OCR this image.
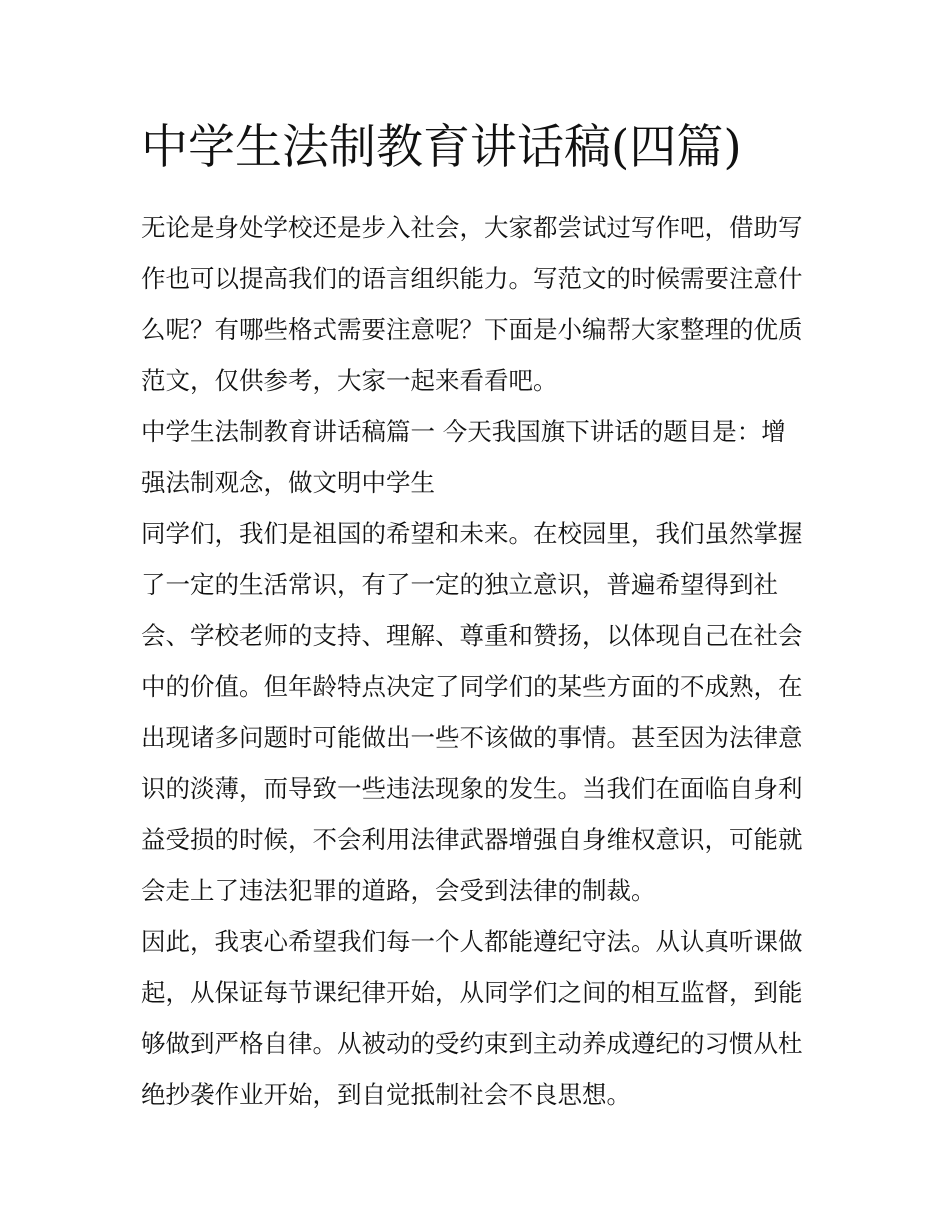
中学生法制教育讲话稿(四篇)

无论是身处学校还是步入社会，大家都尝试过写作吧，借助写
作也可以提高我们的语言组织能力。写范文的时候需要注意什
么呢？有哪些格式需要注意呢？下面是小编帮大家整理的优质
范文，仅供参考，大家一起来看看吧。

中学生法制教育讲话稿篇一 今天我国旗下讲话的题目是：增
强法制观念，做文明中学生

同学们，我们是祖国的希望和未来。在校园里，我们虽然掌握
了一定的生活常识，有了一定的独立意识，普遍希望得到社
会、学校老师的支持、理解、尊重和赞扬，以体现自己在社会
中的价值。但年龄特点决定了同学们的某些方面的不成熟，在
出现诸多问题时可能做出一些不该做的事情。甚至因为法律意
识的淡薄，而导致一些违法现象的发生。当我们在面临自身利
益受损的时候，不会利用法律武器增强自身维权意识，可能就
会走上了违法犯罪的道路，会受到法律的制裁。

因此，我衷心希望我们每一个人都能遵纪守法。从认真听课做
起，从保证每节课纪律开始，从同学们之间的相互监督，到能
够做到严格自律。从被动的受约束到主动养成遵纪的习惯从杜
绝抄袭作业开始，到自觉抵制社会不良思想。
